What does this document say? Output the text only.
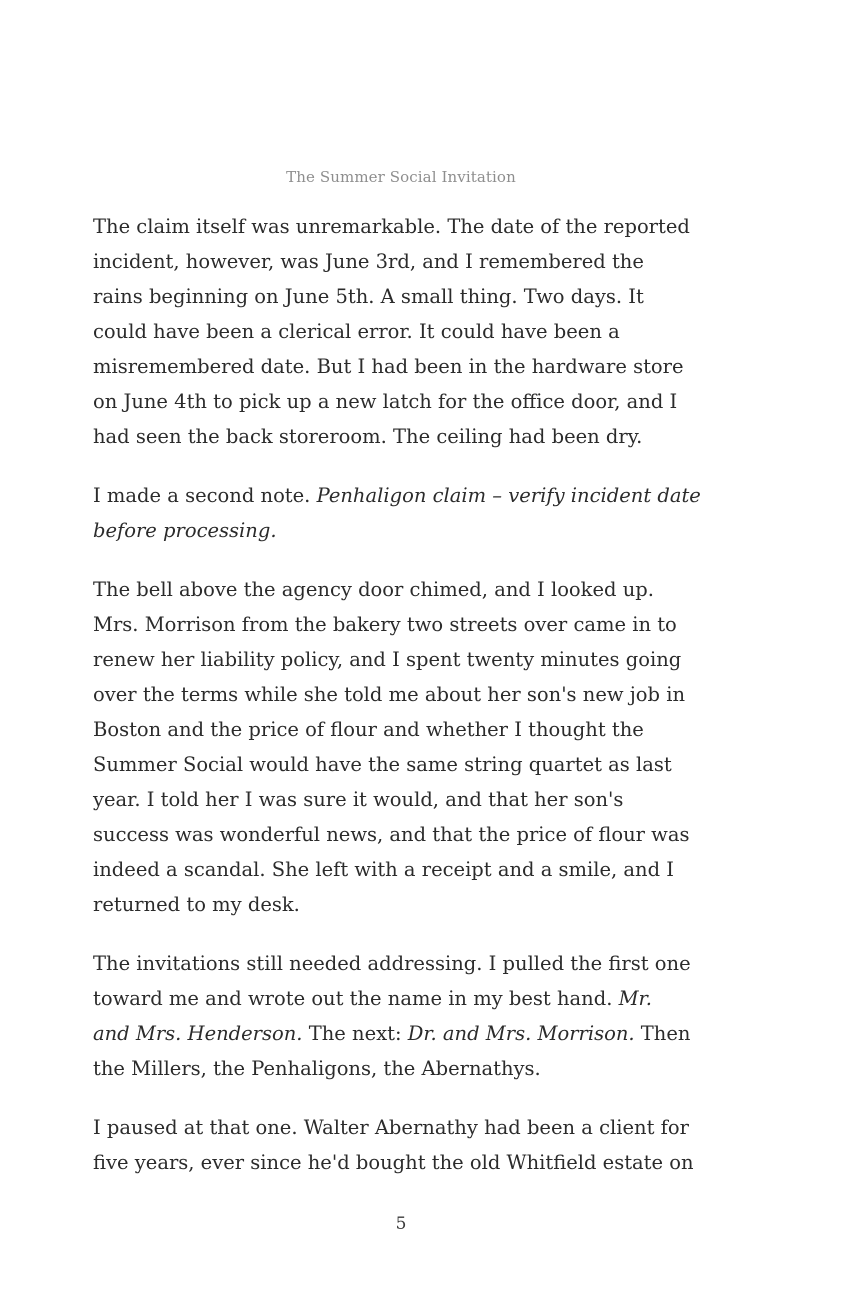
The Summer Social Invitation

The claim itself was unremarkable. The date of the reported
incident, however, was June 3rd, and I remembered the
rains beginning on June 5th. A small thing. Two days. It
could have been a clerical error. It could have been a
misremembered date. But I had been in the hardware store
on June 4th to pick up a new latch for the office door, and I
had seen the back storeroom. The ceiling had been dry.

I made a second note. Penhaligon claim – verify incident date
before processing.

The bell above the agency door chimed, and I looked up.
Mrs. Morrison from the bakery two streets over came in to
renew her liability policy, and I spent twenty minutes going
over the terms while she told me about her son's new job in
Boston and the price of flour and whether I thought the
Summer Social would have the same string quartet as last
year. I told her I was sure it would, and that her son's
success was wonderful news, and that the price of flour was
indeed a scandal. She left with a receipt and a smile, and I
returned to my desk.

The invitations still needed addressing. I pulled the first one
toward me and wrote out the name in my best hand. Mr.
and Mrs. Henderson. The next: Dr. and Mrs. Morrison. Then
the Millers, the Penhaligons, the Abernathys.

I paused at that one. Walter Abernathy had been a client for
five years, ever since he'd bought the old Whitfield estate on

5
